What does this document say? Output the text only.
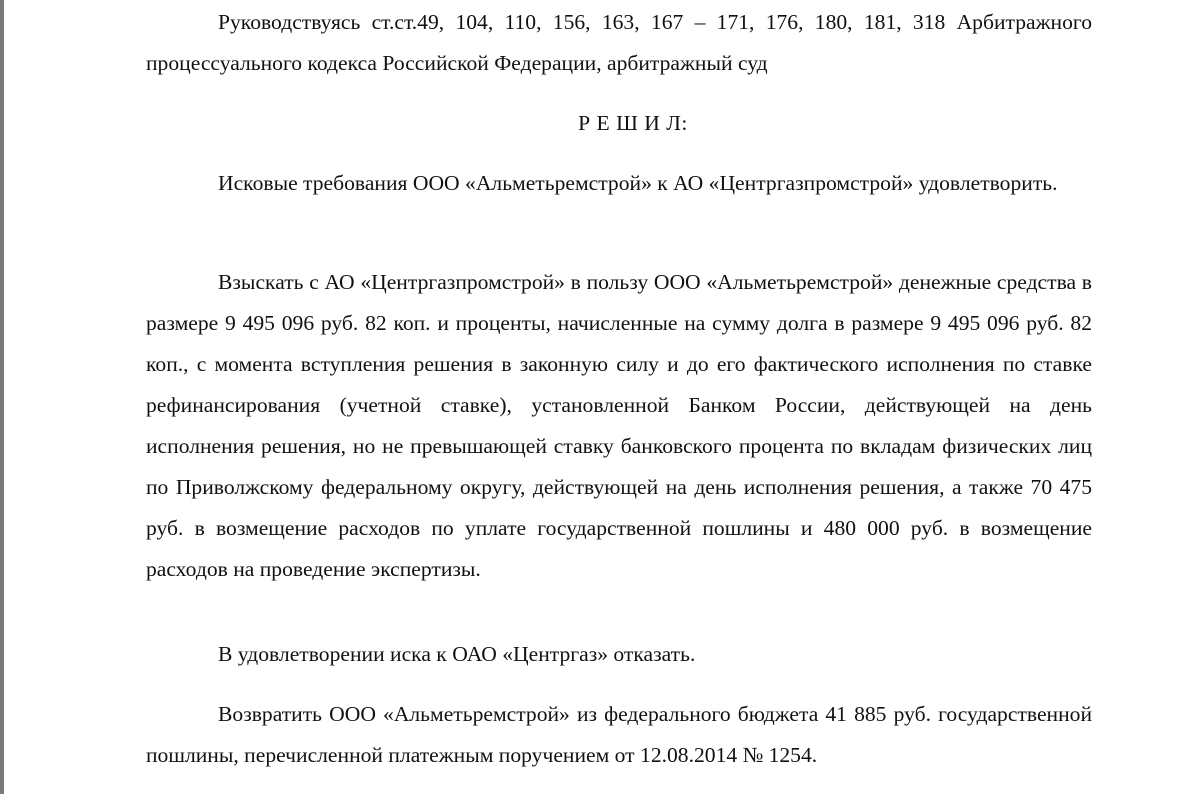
Руководствуясь ст.ст.49, 104, 110, 156, 163, 167 – 171, 176, 180, 181, 318 Арбитражного процессуального кодекса Российской Федерации, арбитражный суд

Р Е Ш И Л:

Исковые требования ООО «Альметьремстрой» к АО «Центргазпромстрой» удовлетворить.

Взыскать с АО «Центргазпромстрой» в пользу ООО «Альметьремстрой» денежные средства в размере 9 495 096 руб. 82 коп. и проценты, начисленные на сумму долга в размере 9 495 096 руб. 82 коп., с момента вступления решения в законную силу и до его фактического исполнения по ставке рефинансирования (учетной ставке), установленной Банком России, действующей на день исполнения решения, но не превышающей ставку банковского процента по вкладам физических лиц по Приволжскому федеральному округу, действующей на день исполнения решения, а также 70 475 руб. в возмещение расходов по уплате государственной пошлины и 480 000 руб. в возмещение расходов на проведение экспертизы.

В удовлетворении иска к ОАО «Центргаз» отказать.

Возвратить ООО «Альметьремстрой» из федерального бюджета 41 885 руб. государственной пошлины, перечисленной платежным поручением от 12.08.2014 № 1254.
